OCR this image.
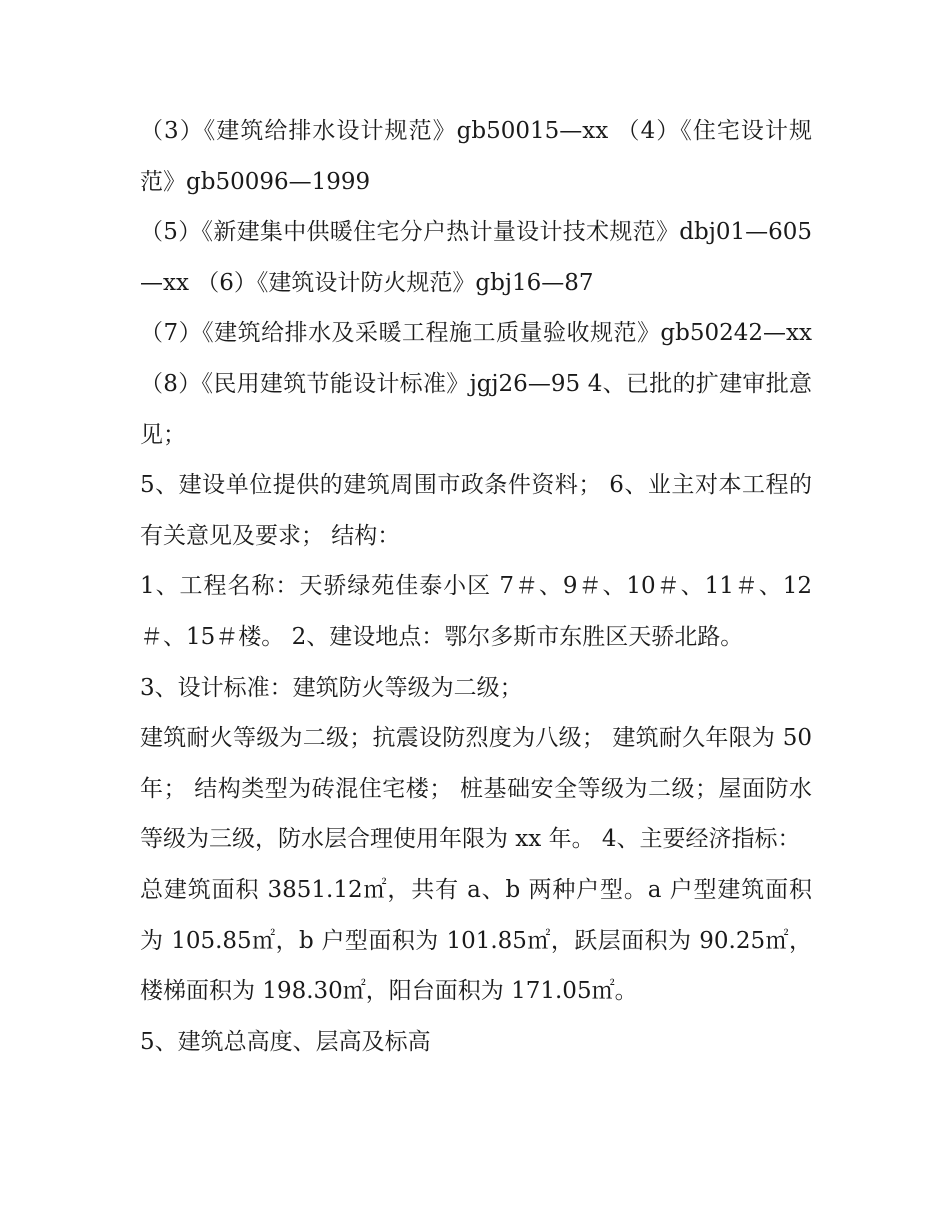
（3）《建筑给排水设计规范》gb50015—xx （4）《住宅设计规范》gb50096—1999

（5）《新建集中供暖住宅分户热计量设计技术规范》dbj01—605—xx （6）《建筑设计防火规范》gbj16—87

（7）《建筑给排水及采暖工程施工质量验收规范》gb50242—xx （8）《民用建筑节能设计标准》jgj26—95 4、已批的扩建审批意见；

5、建设单位提供的建筑周围市政条件资料； 6、业主对本工程的有关意见及要求； 结构：

1、工程名称：天骄绿苑佳泰小区 7＃、9＃、10＃、11＃、12＃、15＃楼。 2、建设地点：鄂尔多斯市东胜区天骄北路。

3、设计标准：建筑防火等级为二级；

建筑耐火等级为二级；抗震设防烈度为八级； 建筑耐久年限为 50 年； 结构类型为砖混住宅楼； 桩基础安全等级为二级；屋面防水等级为三级，防水层合理使用年限为 xx 年。 4、主要经济指标：

总建筑面积 3851.12㎡，共有 a、b 两种户型。a 户型建筑面积为 105.85㎡，b 户型面积为 101.85㎡，跃层面积为 90.25㎡，楼梯面积为 198.30㎡，阳台面积为 171.05㎡。

5、建筑总高度、层高及标高
